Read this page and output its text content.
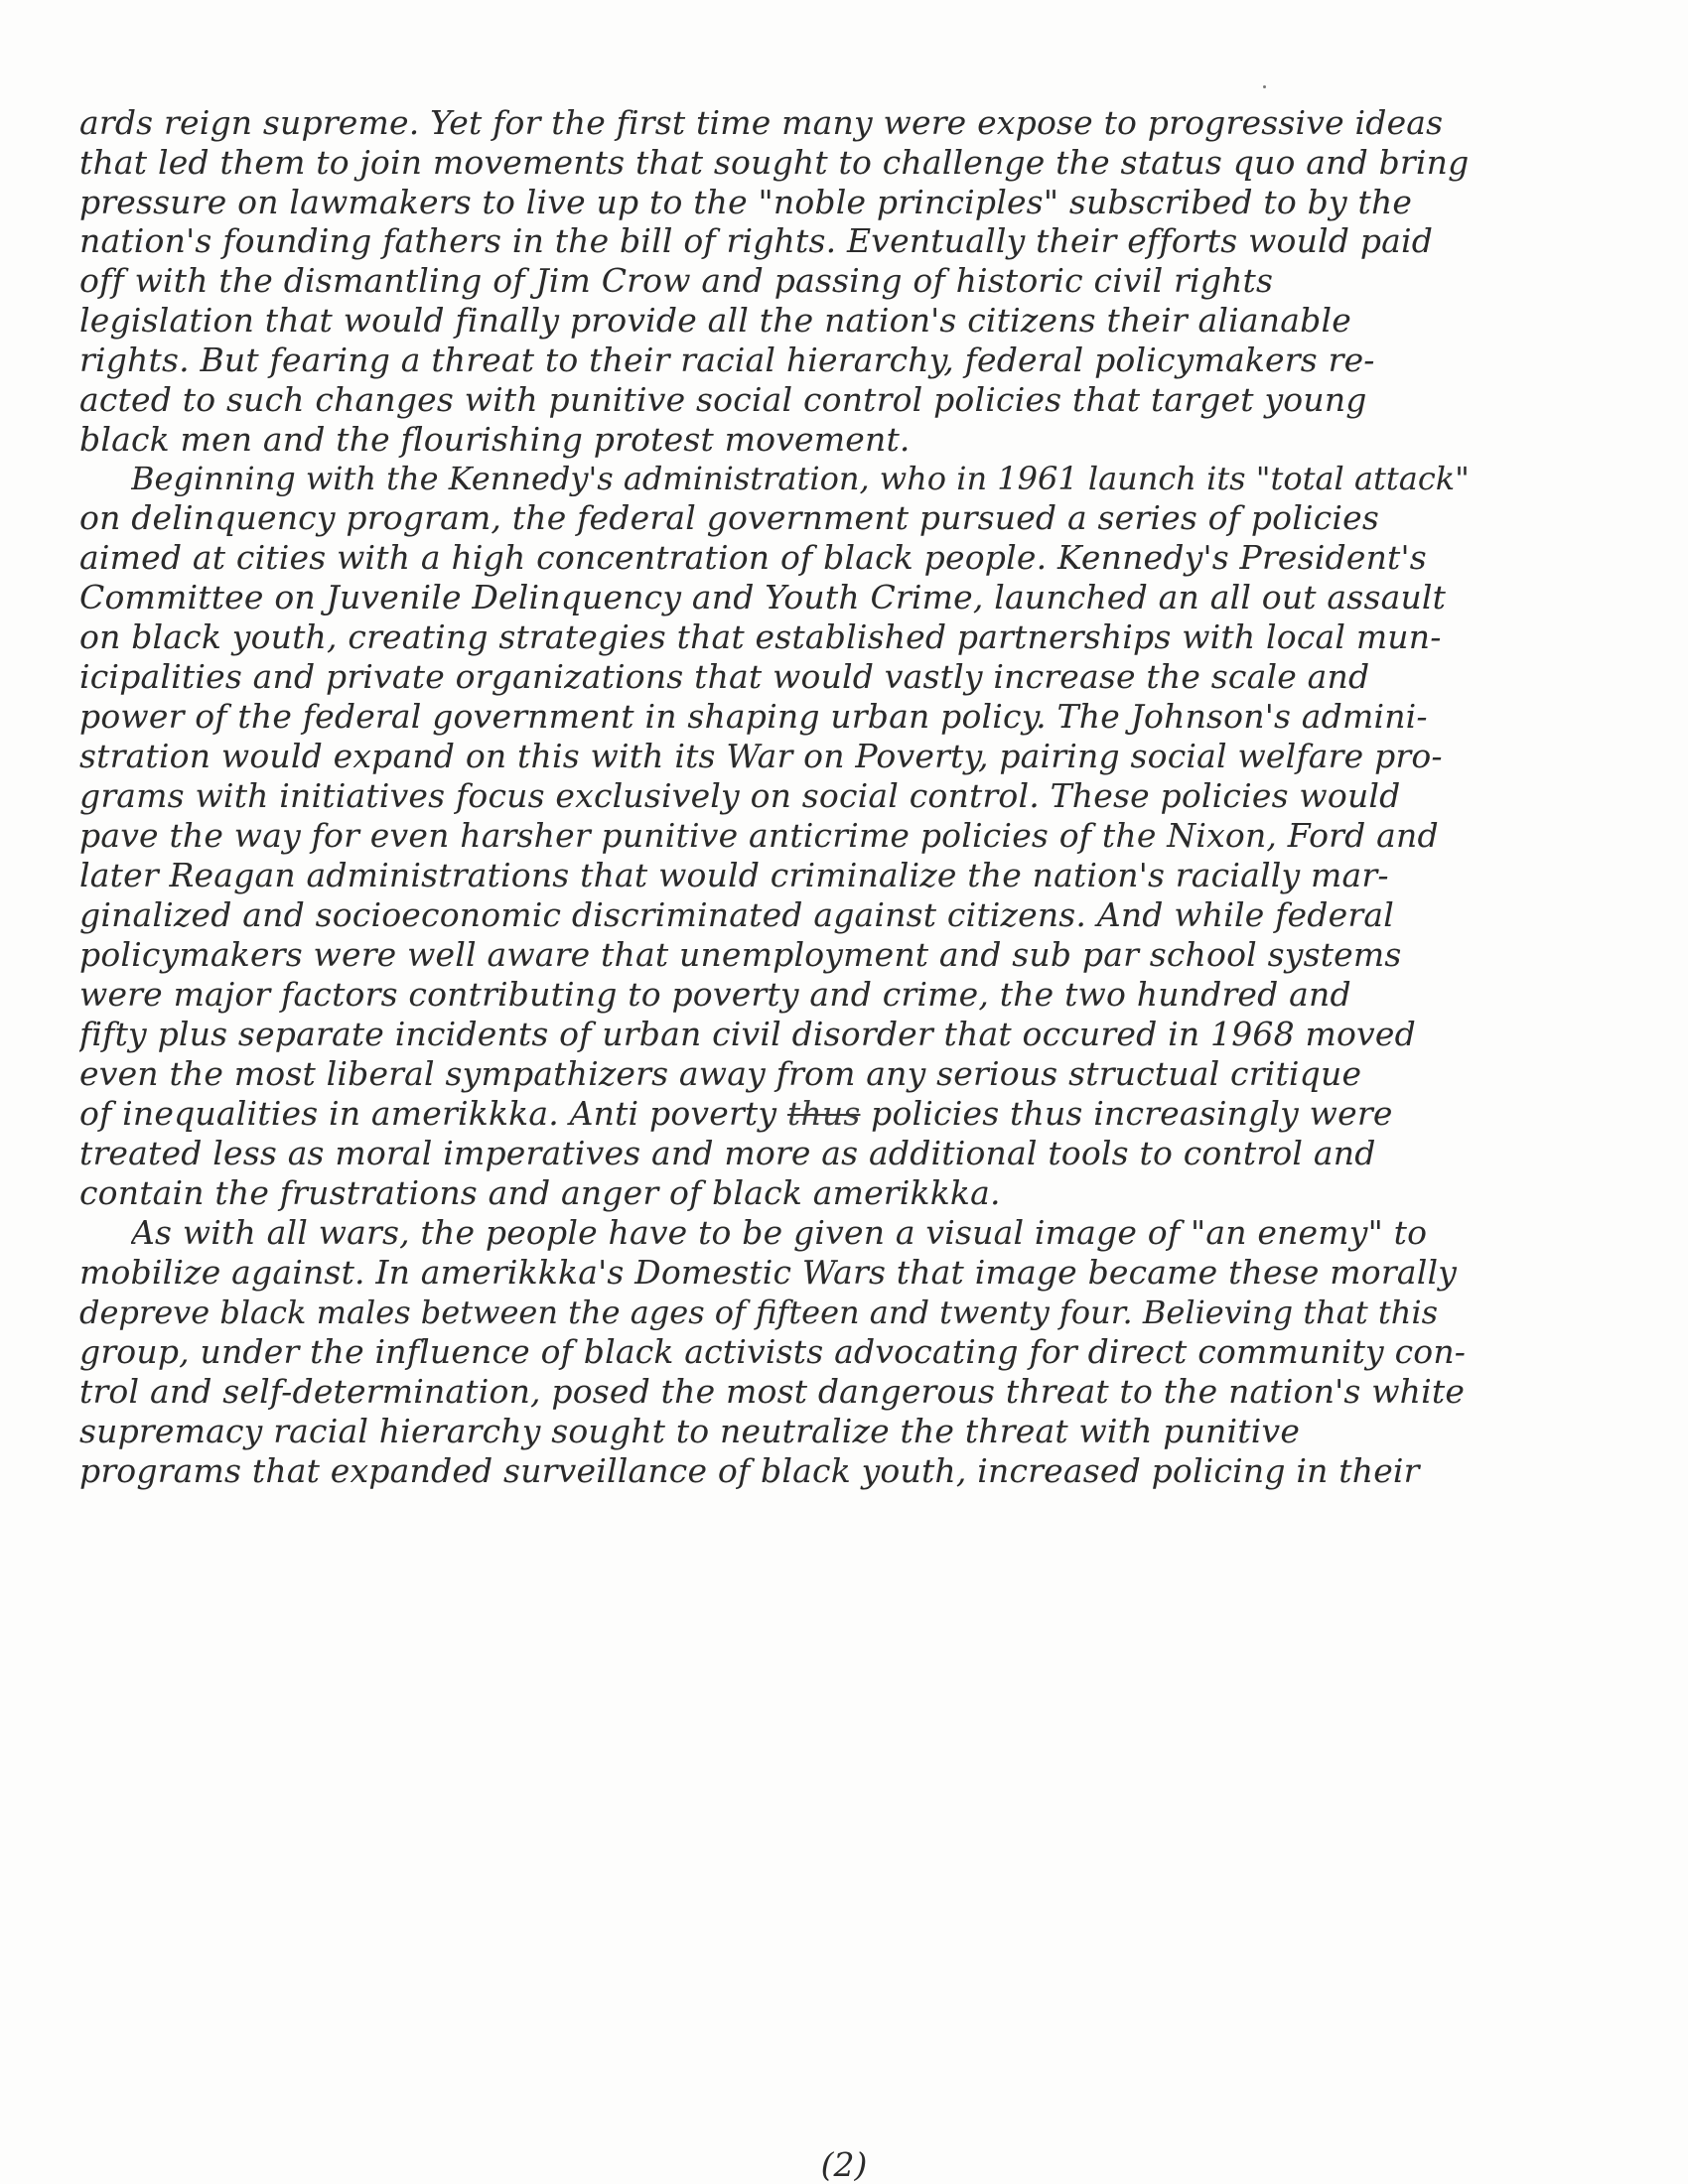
ards reign supreme. Yet for the first time many were expose to progressive ideas
that led them to join movements that sought to challenge the status quo and bring
pressure on lawmakers to live up to the "noble principles" subscribed to by the
nation's founding fathers in the bill of rights. Eventually their efforts would paid
off with the dismantling of Jim Crow and passing of historic civil rights
legislation that would finally provide all the nation's citizens their alianable
rights. But fearing a threat to their racial hierarchy, federal policymakers re-
acted to such changes with punitive social control policies that target young
black men and the flourishing protest movement.
Beginning with the Kennedy's administration, who in 1961 launch its "total attack"
on delinquency program, the federal government pursued a series of policies
aimed at cities with a high concentration of black people. Kennedy's President's
Committee on Juvenile Delinquency and Youth Crime, launched an all out assault
on black youth, creating strategies that established partnerships with local mun-
icipalities and private organizations that would vastly increase the scale and
power of the federal government in shaping urban policy. The Johnson's admini-
stration would expand on this with its War on Poverty, pairing social welfare pro-
grams with initiatives focus exclusively on social control. These policies would
pave the way for even harsher punitive anticrime policies of the Nixon, Ford and
later Reagan administrations that would criminalize the nation's racially mar-
ginalized and socioeconomic discriminated against citizens. And while federal
policymakers were well aware that unemployment and sub par school systems
were major factors contributing to poverty and crime, the two hundred and
fifty plus separate incidents of urban civil disorder that occured in 1968 moved
even the most liberal sympathizers away from any serious structual critique
of inequalities in amerikkka. Anti poverty thus policies thus increasingly were
treated less as moral imperatives and more as additional tools to control and
contain the frustrations and anger of black amerikkka.
As with all wars, the people have to be given a visual image of "an enemy" to
mobilize against. In amerikkka's Domestic Wars that image became these morally
depreve black males between the ages of fifteen and twenty four. Believing that this
group, under the influence of black activists advocating for direct community con-
trol and self-determination, posed the most dangerous threat to the nation's white
supremacy racial hierarchy sought to neutralize the threat with punitive
programs that expanded surveillance of black youth, increased policing in their
(2)
